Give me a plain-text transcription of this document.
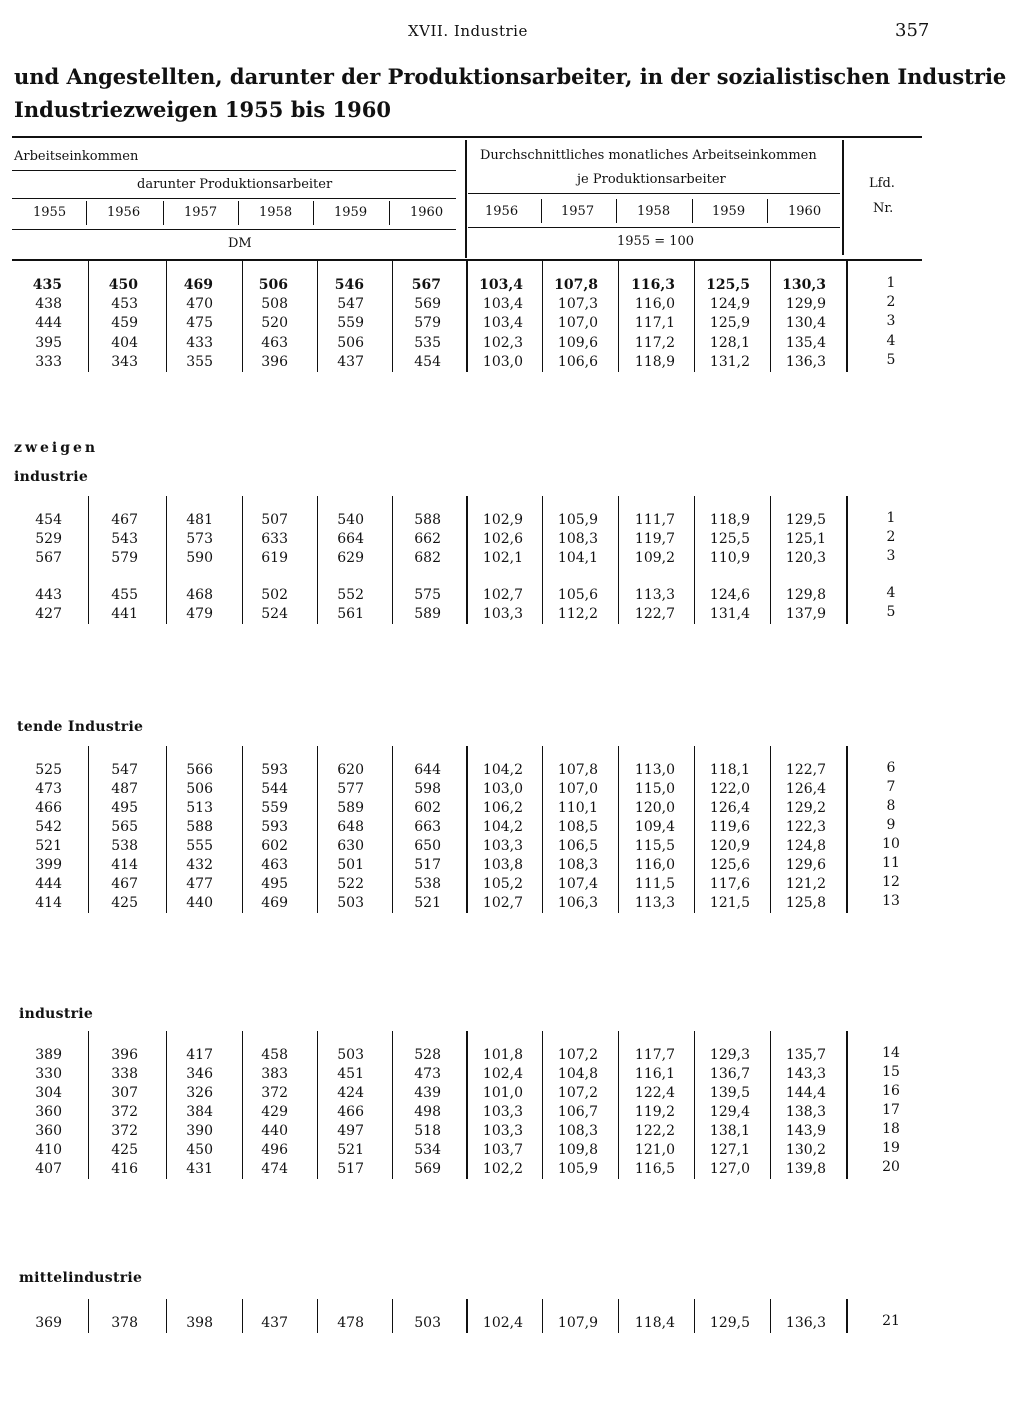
XVII. Industrie	357
und Angestellten, darunter der Produktionsarbeiter, in der sozialistischen Industrie
Industriezweigen 1955 bis 1960
Arbeitseinkommen
darunter Produktionsarbeiter
Durchschnittliches monatliches Arbeitseinkommen
je Produktionsarbeiter	Lfd.
Nr.
1955	1956	1957	1958	1959	1960	1956	1957	1958	1959	1960
DM	1955 = 100
zweigen
industrie
tende Industrie
industrie
mittelindustrie
435	450	469	506	546	567	103,4	107,8	116,3	125,5	130,3	1
438	453	470	508	547	569	103,4	107,3	116,0	124,9	129,9	2
444	459	475	520	559	579	103,4	107,0	117,1	125,9	130,4	3
395	404	433	463	506	535	102,3	109,6	117,2	128,1	135,4	4
333	343	355	396	437	454	103,0	106,6	118,9	131,2	136,3	5
454	467	481	507	540	588	102,9	105,9	111,7	118,9	129,5	1
529	543	573	633	664	662	102,6	108,3	119,7	125,5	125,1	2
567	579	590	619	629	682	102,1	104,1	109,2	110,9	120,3	3
443	455	468	502	552	575	102,7	105,6	113,3	124,6	129,8	4
427	441	479	524	561	589	103,3	112,2	122,7	131,4	137,9	5
525	547	566	593	620	644	104,2	107,8	113,0	118,1	122,7	6
473	487	506	544	577	598	103,0	107,0	115,0	122,0	126,4	7
466	495	513	559	589	602	106,2	110,1	120,0	126,4	129,2	8
542	565	588	593	648	663	104,2	108,5	109,4	119,6	122,3	9
521	538	555	602	630	650	103,3	106,5	115,5	120,9	124,8	10
399	414	432	463	501	517	103,8	108,3	116,0	125,6	129,6	11
444	467	477	495	522	538	105,2	107,4	111,5	117,6	121,2	12
414	425	440	469	503	521	102,7	106,3	113,3	121,5	125,8	13
389	396	417	458	503	528	101,8	107,2	117,7	129,3	135,7	14
330	338	346	383	451	473	102,4	104,8	116,1	136,7	143,3	15
304	307	326	372	424	439	101,0	107,2	122,4	139,5	144,4	16
360	372	384	429	466	498	103,3	106,7	119,2	129,4	138,3	17
360	372	390	440	497	518	103,3	108,3	122,2	138,1	143,9	18
410	425	450	496	521	534	103,7	109,8	121,0	127,1	130,2	19
407	416	431	474	517	569	102,2	105,9	116,5	127,0	139,8	20
369	378	398	437	478	503	102,4	107,9	118,4	129,5	136,3	21
